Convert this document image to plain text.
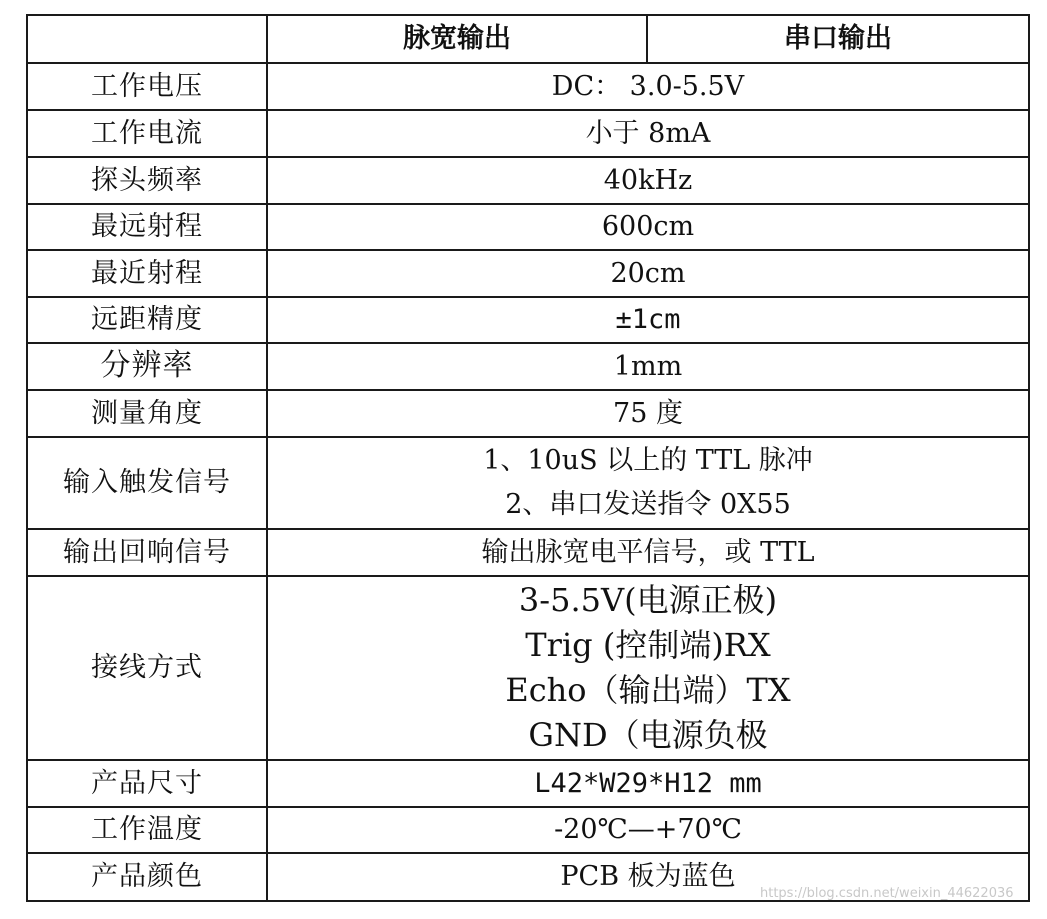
	脉宽输出	串口输出
工作电压	DC： 3.0-5.5V	
工作电流	小于 8mA	
探头频率	40kHz	
最远射程	600cm	
最近射程	20cm	
远距精度	±1cm	
分辨率	1mm	
测量角度	75 度	
输入触发信号	1、10uS 以上的 TTL 脉冲
2、串口发送指令 0X55	

输出回响信号	输出脉宽电平信号，或 TTL	
接线方式	3-5.5V(电源正极)
Trig (控制端)RX
Echo（输出端）TX
GND（电源负极	

产品尺寸	L42*W29*H12 mm	
工作温度	-20℃—+70℃	
产品颜色	PCB 板为蓝色	
https://blog.csdn.net/weixin_44622036
